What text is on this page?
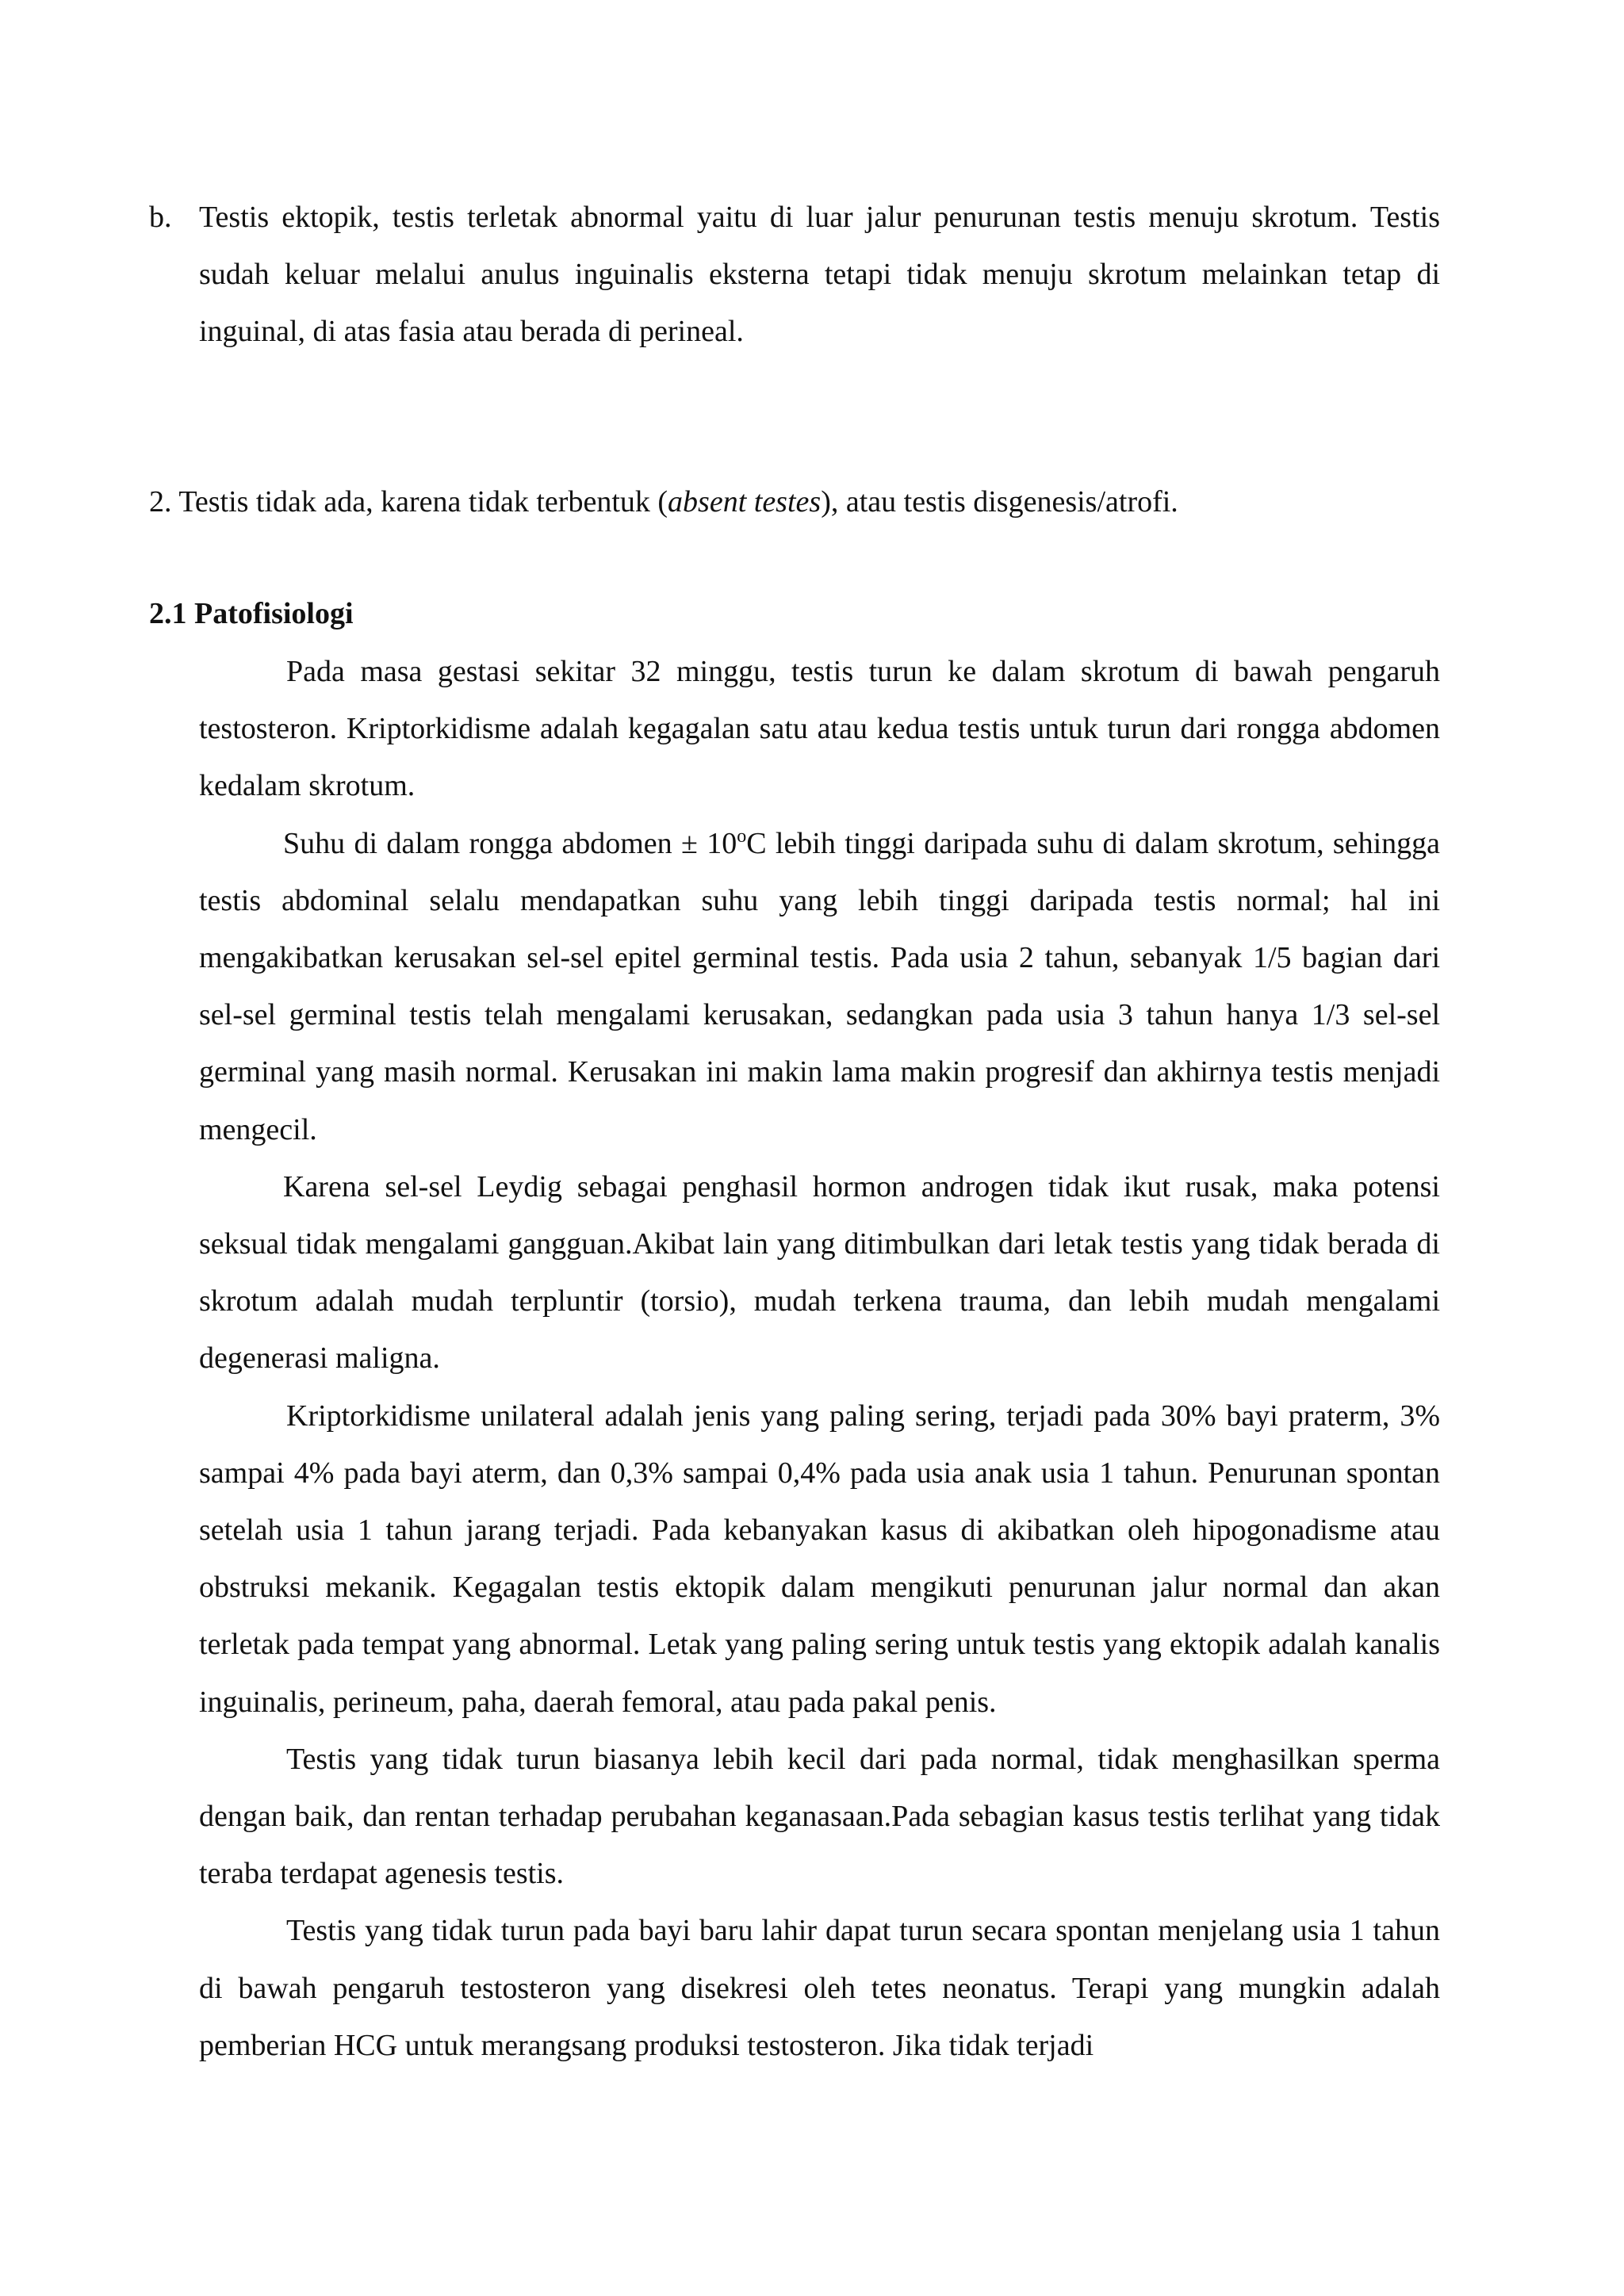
b. Testis ektopik, testis terletak abnormal yaitu di luar jalur penurunan testis menuju skrotum. Testis sudah keluar melalui anulus inguinalis eksterna tetapi tidak menuju skrotum melainkan tetap di inguinal, di atas fasia atau berada di perineal.
2. Testis tidak ada, karena tidak terbentuk (absent testes), atau testis disgenesis/atrofi.
2.1 Patofisiologi

Pada masa gestasi sekitar 32 minggu, testis turun ke dalam skrotum di bawah pengaruh testosteron. Kriptorkidisme adalah kegagalan satu atau kedua testis untuk turun dari rongga abdomen kedalam skrotum.

Suhu di dalam rongga abdomen ± $10^oC$ lebih tinggi daripada suhu di dalam skrotum, sehingga testis abdominal selalu mendapatkan suhu yang lebih tinggi daripada testis normal; hal ini mengakibatkan kerusakan sel-sel epitel germinal testis. Pada usia 2 tahun, sebanyak 1/5 bagian dari sel-sel germinal testis telah mengalami kerusakan, sedangkan pada usia 3 tahun hanya 1/3 sel-sel germinal yang masih normal. Kerusakan ini makin lama makin progresif dan akhirnya testis menjadi mengecil.

Karena sel-sel Leydig sebagai penghasil hormon androgen tidak ikut rusak, maka potensi seksual tidak mengalami gangguan.Akibat lain yang ditimbulkan dari letak testis yang tidak berada di skrotum adalah mudah terpluntir (torsio), mudah terkena trauma, dan lebih mudah mengalami degenerasi maligna.

Kriptorkidisme unilateral adalah jenis yang paling sering, terjadi pada 30% bayi praterm, 3% sampai 4% pada bayi aterm, dan 0,3% sampai 0,4% pada usia anak usia 1 tahun. Penurunan spontan setelah usia 1 tahun jarang terjadi. Pada kebanyakan kasus di akibatkan oleh hipogonadisme atau obstruksi mekanik. Kegagalan testis ektopik dalam mengikuti penurunan jalur normal dan akan terletak pada tempat yang abnormal. Letak yang paling sering untuk testis yang ektopik adalah kanalis inguinalis, perineum, paha, daerah femoral, atau pada pakal penis.

Testis yang tidak turun biasanya lebih kecil dari pada normal, tidak menghasilkan sperma dengan baik, dan rentan terhadap perubahan keganasaan.Pada sebagian kasus testis terlihat yang tidak teraba terdapat agenesis testis.

Testis yang tidak turun pada bayi baru lahir dapat turun secara spontan menjelang usia 1 tahun di bawah pengaruh testosteron yang disekresi oleh tetes neonatus. Terapi yang mungkin adalah pemberian HCG untuk merangsang produksi testosteron. Jika tidak terjadi
